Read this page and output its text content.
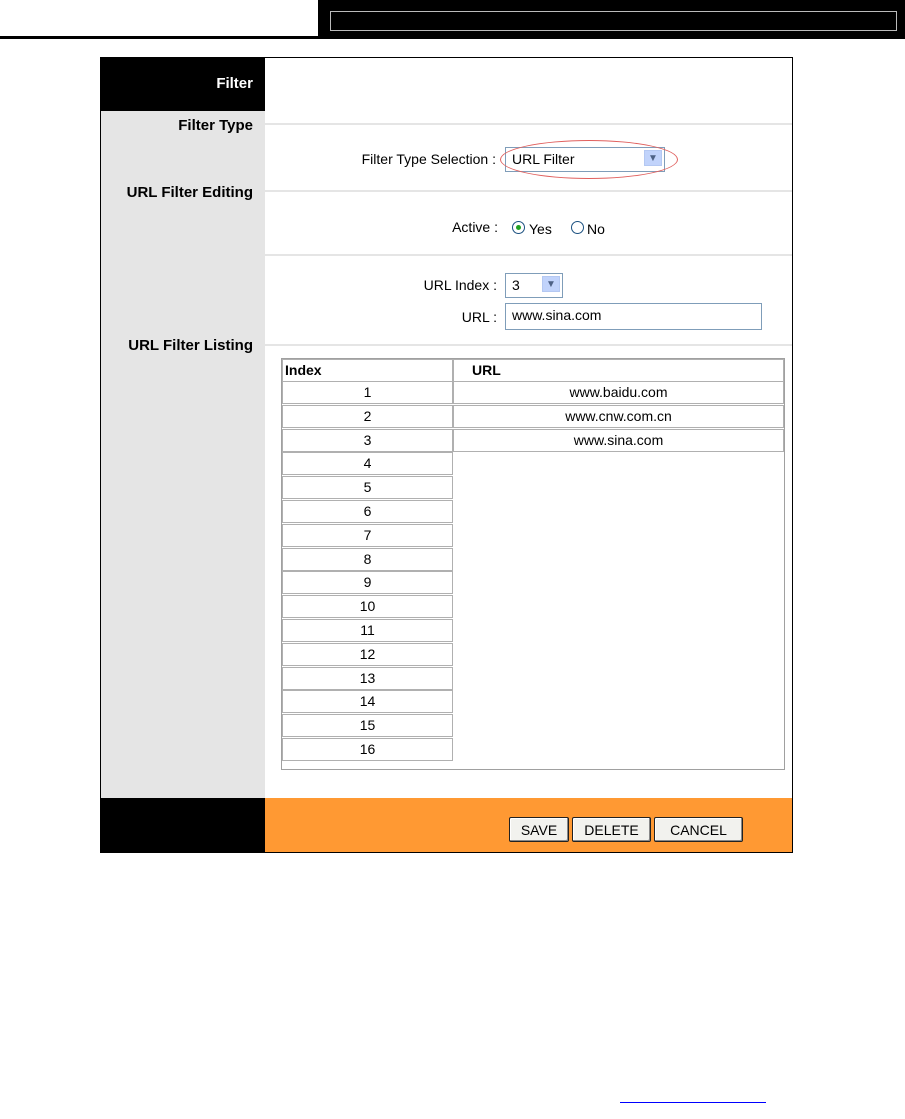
Filter
Filter Type
URL Filter Editing
URL Filter Listing
Filter Type Selection : URL Filter	▼
Active : Yes	No
URL Index : 3	▼
URL :	www.sina.com
Index	URL
1	www.baidu.com
2	www.cnw.com.cn
3	www.sina.com
4
5
6
7
8
9
10
11
12
13
14
15
16
SAVE	DELETE	CANCEL
